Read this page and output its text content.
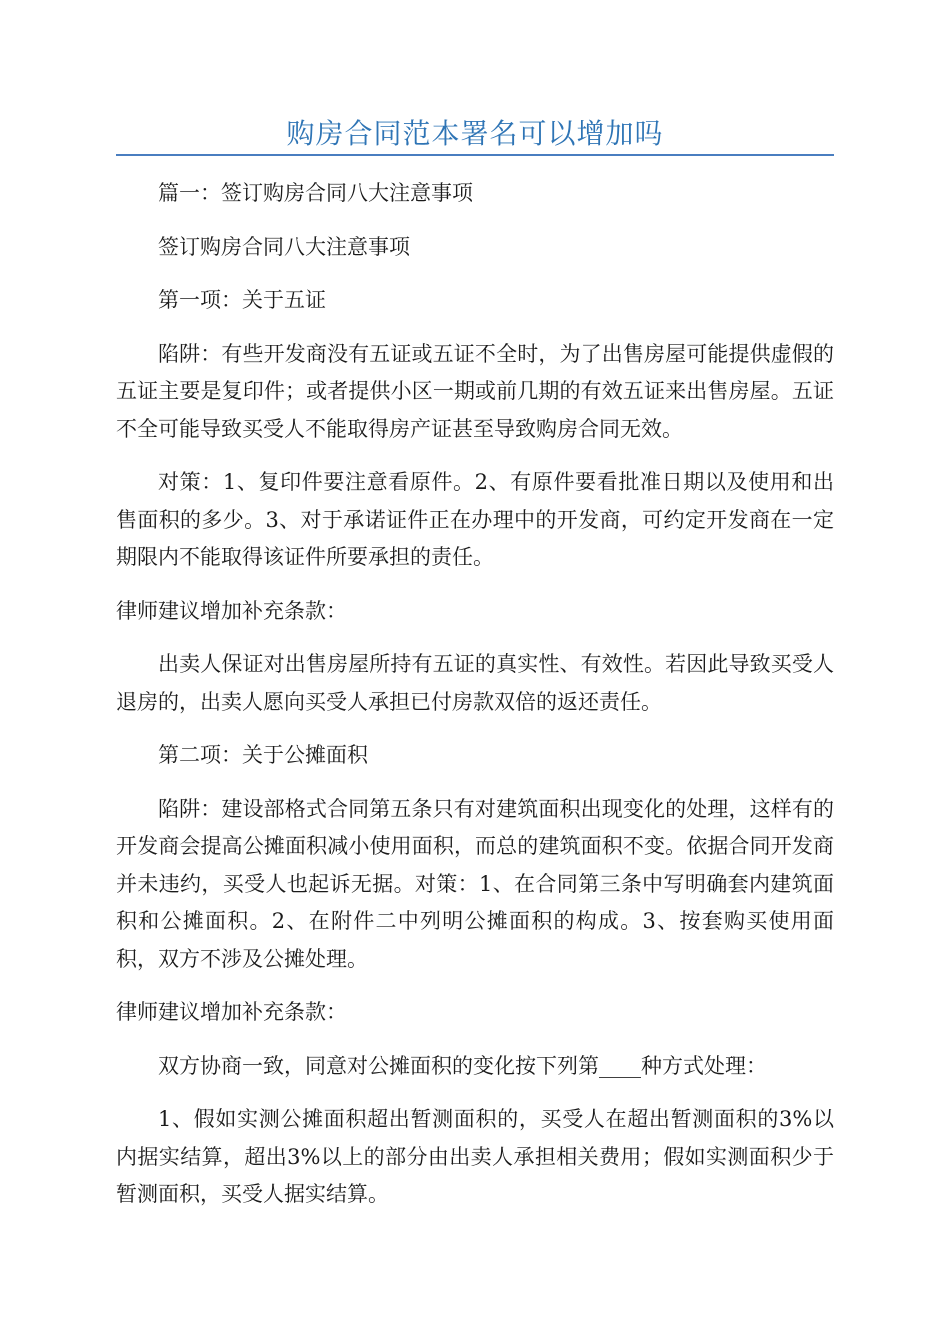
购房合同范本署名可以增加吗

篇一：签订购房合同八大注意事项

签订购房合同八大注意事项

第一项：关于五证

陷阱：有些开发商没有五证或五证不全时，为了出售房屋可能提供虚假的五证主要是复印件；或者提供小区一期或前几期的有效五证来出售房屋。五证不全可能导致买受人不能取得房产证甚至导致购房合同无效。

对策：1、复印件要注意看原件。2、有原件要看批准日期以及使用和出售面积的多少。3、对于承诺证件正在办理中的开发商，可约定开发商在一定期限内不能取得该证件所要承担的责任。

律师建议增加补充条款：

出卖人保证对出售房屋所持有五证的真实性、有效性。若因此导致买受人退房的，出卖人愿向买受人承担已付房款双倍的返还责任。

第二项：关于公摊面积

陷阱：建设部格式合同第五条只有对建筑面积出现变化的处理，这样有的开发商会提高公摊面积减小使用面积，而总的建筑面积不变。依据合同开发商并未违约，买受人也起诉无据。对策：1、在合同第三条中写明确套内建筑面积和公摊面积。2、在附件二中列明公摊面积的构成。3、按套购买使用面积，双方不涉及公摊处理。

律师建议增加补充条款：

双方协商一致，同意对公摊面积的变化按下列第____种方式处理：

1、假如实测公摊面积超出暂测面积的，买受人在超出暂测面积的3%以内据实结算，超出3%以上的部分由出卖人承担相关费用；假如实测面积少于暂测面积，买受人据实结算。
